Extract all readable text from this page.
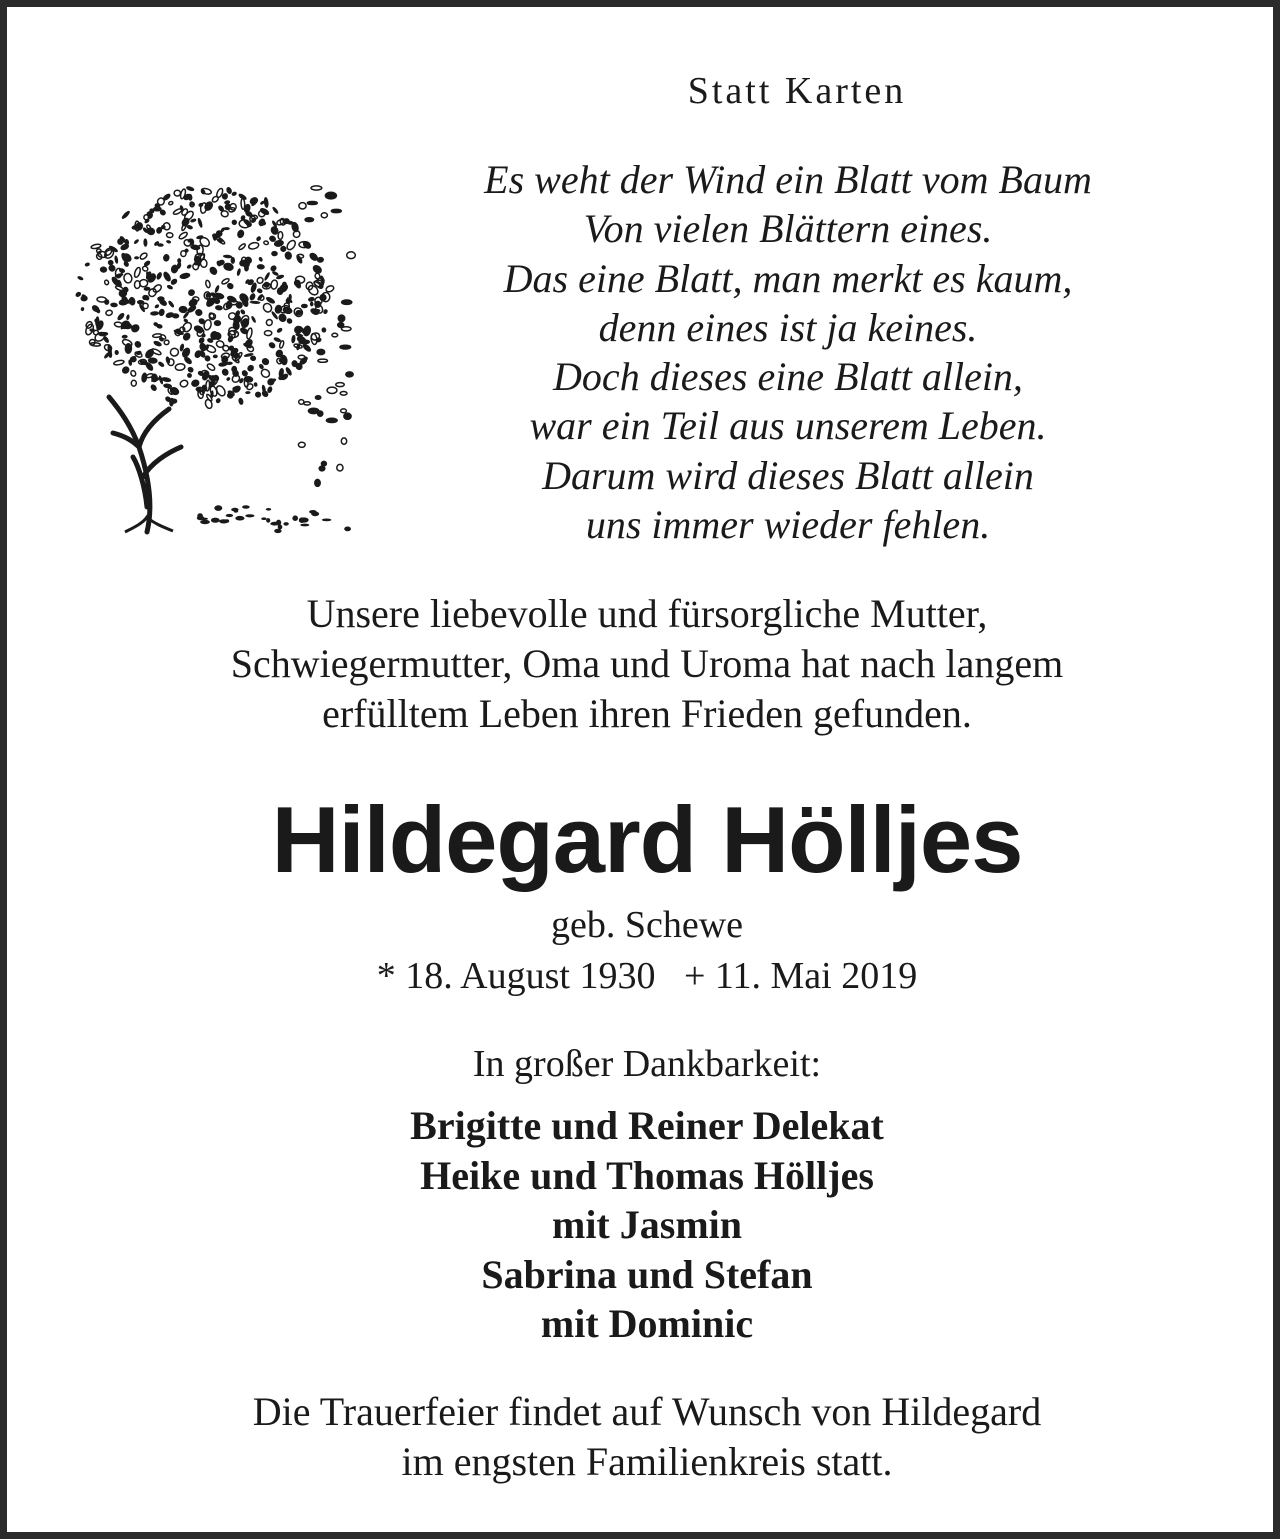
Statt Karten
Es weht der Wind ein Blatt vom Baum
Von vielen Blättern eines.
Das eine Blatt, man merkt es kaum,
denn eines ist ja keines.
Doch dieses eine Blatt allein,
war ein Teil aus unserem Leben.
Darum wird dieses Blatt allein
uns immer wieder fehlen.
Unsere liebevolle und fürsorgliche Mutter,
Schwiegermutter, Oma und Uroma hat nach langem
erfülltem Leben ihren Frieden gefunden.
Hildegard Hölljes
geb. Schewe
* 18. August 1930   + 11. Mai 2019
In großer Dankbarkeit:
Brigitte und Reiner Delekat
Heike und Thomas Hölljes
mit Jasmin
Sabrina und Stefan
mit Dominic
Die Trauerfeier findet auf Wunsch von Hildegard
im engsten Familienkreis statt.
